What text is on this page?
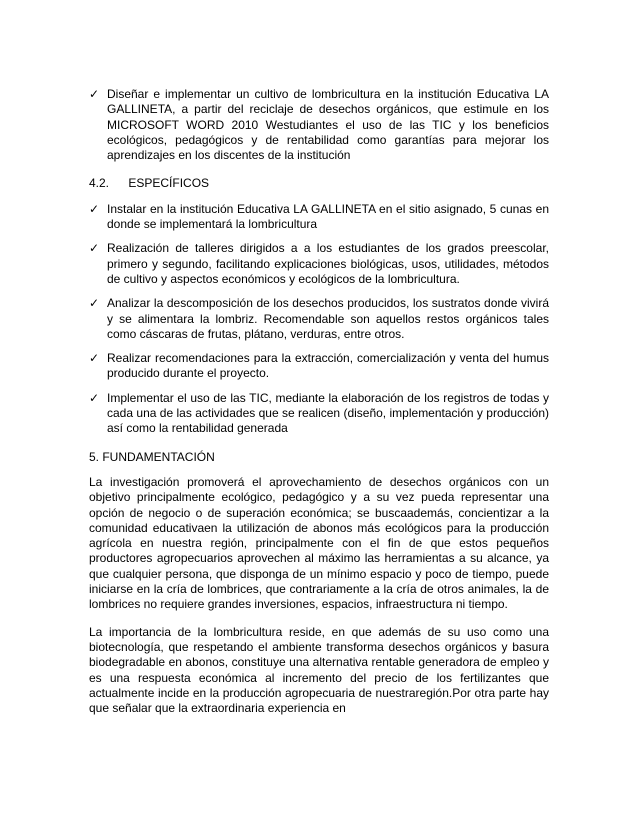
✓ Diseñar e implementar un cultivo de lombricultura en la institución Educativa LA GALLINETA, a partir del reciclaje de desechos orgánicos, que estimule en los MICROSOFT WORD 2010 Westudiantes el uso de las TIC y los beneficios ecológicos, pedagógicos y de rentabilidad como garantías para mejorar los aprendizajes en los discentes de la institución
4.2. ESPECÍFICOS
✓ Instalar en la institución Educativa LA GALLINETA en el sitio asignado, 5 cunas en donde se implementará la lombricultura
✓ Realización de talleres dirigidos a a los estudiantes de los grados preescolar, primero y segundo, facilitando explicaciones biológicas, usos, utilidades, métodos de cultivo y aspectos económicos y ecológicos de la lombricultura.
✓ Analizar la descomposición de los desechos producidos, los sustratos donde vivirá y se alimentara la lombriz. Recomendable son aquellos restos orgánicos tales como cáscaras de frutas, plátano, verduras, entre otros.
✓ Realizar recomendaciones para la extracción, comercialización y venta del humus producido durante el proyecto.
✓ Implementar el uso de las TIC, mediante la elaboración de los registros de todas y cada una de las actividades que se realicen (diseño, implementación y producción) así como la rentabilidad generada
5. FUNDAMENTACIÓN

La investigación promoverá el aprovechamiento de desechos orgánicos con un objetivo principalmente ecológico, pedagógico y a su vez pueda representar una opción de negocio o de superación económica; se buscaademás, concientizar a la comunidad educativaen la utilización de abonos más ecológicos para la producción agrícola en nuestra región, principalmente con el fin de que estos pequeños productores agropecuarios aprovechen al máximo las herramientas a su alcance, ya que cualquier persona, que disponga de un mínimo espacio y poco de tiempo, puede iniciarse en la cría de lombrices, que contrariamente a la cría de otros animales, la de lombrices no requiere grandes inversiones, espacios, infraestructura ni tiempo.

La importancia de la lombricultura reside, en que además de su uso como una biotecnología, que respetando el ambiente transforma desechos orgánicos y basura biodegradable en abonos, constituye una alternativa rentable generadora de empleo y es una respuesta económica al incremento del precio de los fertilizantes que actualmente incide en la producción agropecuaria de nuestraregión.Por otra parte hay que señalar que la extraordinaria experiencia en
